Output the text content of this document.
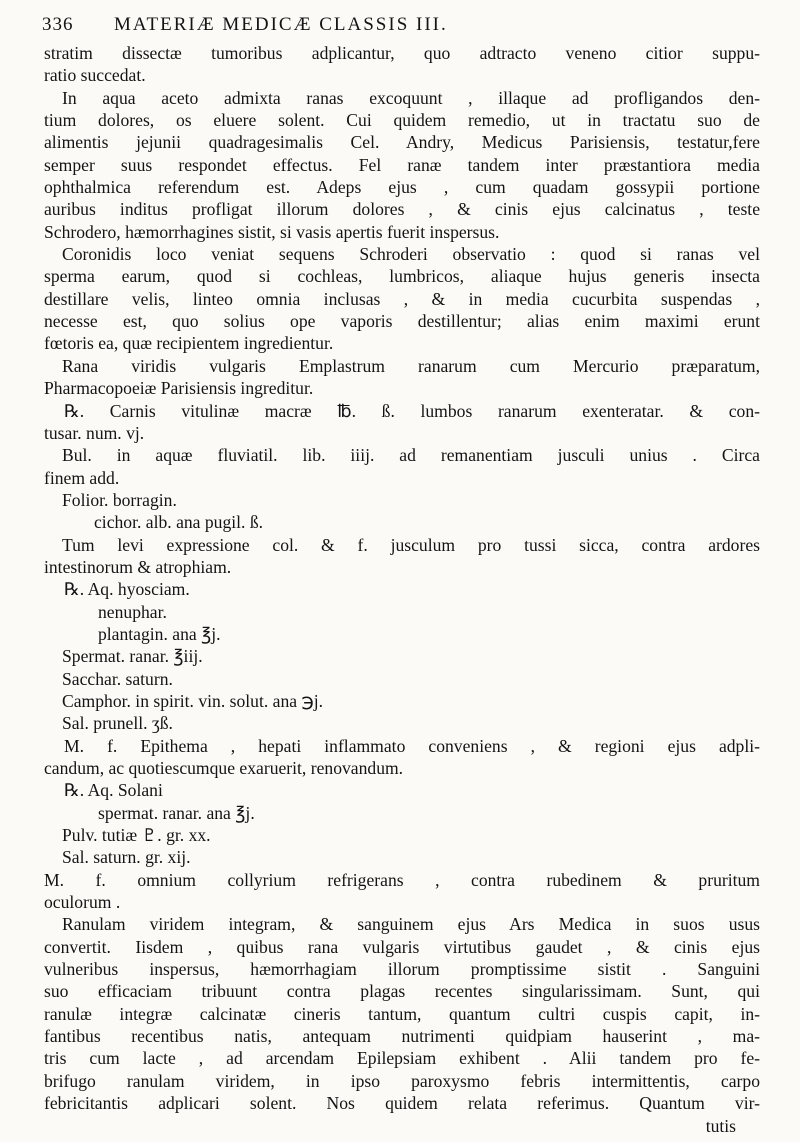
336 MATERIÆ MEDICÆ CLASSIS III.
stratim dissectæ tumoribus adplicantur, quo adtracto veneno citior suppu-
ratio succedat.
In aqua aceto admixta ranas excoquunt , illaque ad profligandos den-
tium dolores, os eluere solent. Cui quidem remedio, ut in tractatu suo de
alimentis jejunii quadragesimalis Cel. Andry, Medicus Parisiensis, testatur,fere
semper suus respondet effectus. Fel ranæ tandem inter præstantiora media
ophthalmica referendum est. Adeps ejus , cum quadam gossypii portione
auribus inditus profligat illorum dolores , & cinis ejus calcinatus , teste
Schrodero, hæmorrhagines sistit, si vasis apertis fuerit inspersus.
Coronidis loco veniat sequens Schroderi observatio : quod si ranas vel
sperma earum, quod si cochleas, lumbricos, aliaque hujus generis insecta
destillare velis, linteo omnia inclusas , & in media cucurbita suspendas ,
necesse est, quo solius ope vaporis destillentur; alias enim maximi erunt
fœtoris ea, quæ recipientem ingredientur.
Rana viridis vulgaris Emplastrum ranarum cum Mercurio præparatum,
Pharmacopoeiæ Parisiensis ingreditur.
℞. Carnis vitulinæ macræ ℔. ß. lumbos ranarum exenteratar. & con-
tusar. num. vj.
Bul. in aquæ fluviatil. lib. iiij. ad remanentiam jusculi unius . Circa
finem add.
Folior. borragin.
cichor. alb. ana pugil. ß.
Tum levi expressione col. & f. jusculum pro tussi sicca, contra ardores
intestinorum & atrophiam.
℞. Aq. hyosciam.
nenuphar.
plantagin. ana ℥j.
Spermat. ranar. ℥iij.
Sacchar. saturn.
Camphor. in spirit. vin. solut. ana ℈j.
Sal. prunell. ʒß.
M. f. Epithema , hepati inflammato conveniens , & regioni ejus adpli-
candum, ac quotiescumque exaruerit, renovandum.
℞. Aq. Solani
spermat. ranar. ana ℥j.
Pulv. tutiæ ♇. gr. xx.
Sal. saturn. gr. xij.
M. f. omnium collyrium refrigerans , contra rubedinem & pruritum
oculorum .
Ranulam viridem integram, & sanguinem ejus Ars Medica in suos usus
convertit. Iisdem , quibus rana vulgaris virtutibus gaudet , & cinis ejus
vulneribus inspersus, hæmorrhagiam illorum promptissime sistit . Sanguini
suo efficaciam tribuunt contra plagas recentes singularissimam. Sunt, qui
ranulæ integræ calcinatæ cineris tantum, quantum cultri cuspis capit, in-
fantibus recentibus natis, antequam nutrimenti quidpiam hauserint , ma-
tris cum lacte , ad arcendam Epilepsiam exhibent . Alii tandem pro fe-
brifugo ranulam viridem, in ipso paroxysmo febris intermittentis, carpo
febricitantis adplicari solent. Nos quidem relata referimus. Quantum vir-
tutis
